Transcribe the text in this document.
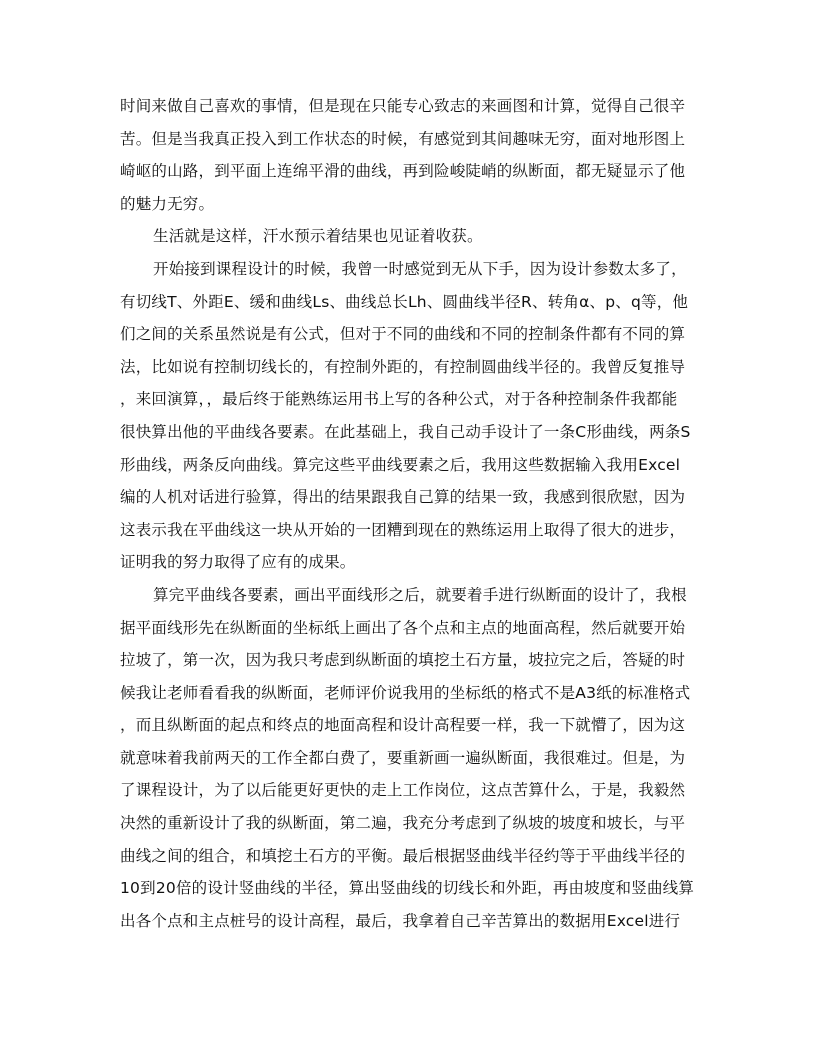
时间来做自己喜欢的事情，但是现在只能专心致志的来画图和计算，觉得自己很辛
苦。但是当我真正投入到工作状态的时候，有感觉到其间趣味无穷，面对地形图上
崎岖的山路，到平面上连绵平滑的曲线，再到险峻陡峭的纵断面，都无疑显示了他
的魅力无穷。
生活就是这样，汗水预示着结果也见证着收获。
开始接到课程设计的时候，我曾一时感觉到无从下手，因为设计参数太多了，
有切线T、外距E、缓和曲线Ls、曲线总长Lh、圆曲线半径R、转角α、p、q等，他
们之间的关系虽然说是有公式，但对于不同的曲线和不同的控制条件都有不同的算
法，比如说有控制切线长的，有控制外距的，有控制圆曲线半径的。我曾反复推导
，来回演算，，最后终于能熟练运用书上写的各种公式，对于各种控制条件我都能
很快算出他的平曲线各要素。在此基础上，我自己动手设计了一条C形曲线，两条S
形曲线，两条反向曲线。算完这些平曲线要素之后，我用这些数据输入我用Excel
编的人机对话进行验算，得出的结果跟我自己算的结果一致，我感到很欣慰，因为
这表示我在平曲线这一块从开始的一团糟到现在的熟练运用上取得了很大的进步，
证明我的努力取得了应有的成果。
算完平曲线各要素，画出平面线形之后，就要着手进行纵断面的设计了，我根
据平面线形先在纵断面的坐标纸上画出了各个点和主点的地面高程，然后就要开始
拉坡了，第一次，因为我只考虑到纵断面的填挖土石方量，坡拉完之后，答疑的时
候我让老师看看我的纵断面，老师评价说我用的坐标纸的格式不是A3纸的标准格式
，而且纵断面的起点和终点的地面高程和设计高程要一样，我一下就懵了，因为这
就意味着我前两天的工作全都白费了，要重新画一遍纵断面，我很难过。但是，为
了课程设计，为了以后能更好更快的走上工作岗位，这点苦算什么，于是，我毅然
决然的重新设计了我的纵断面，第二遍，我充分考虑到了纵坡的坡度和坡长，与平
曲线之间的组合，和填挖土石方的平衡。最后根据竖曲线半径约等于平曲线半径的
10到20倍的设计竖曲线的半径，算出竖曲线的切线长和外距，再由坡度和竖曲线算
出各个点和主点桩号的设计高程，最后，我拿着自己辛苦算出的数据用Excel进行
